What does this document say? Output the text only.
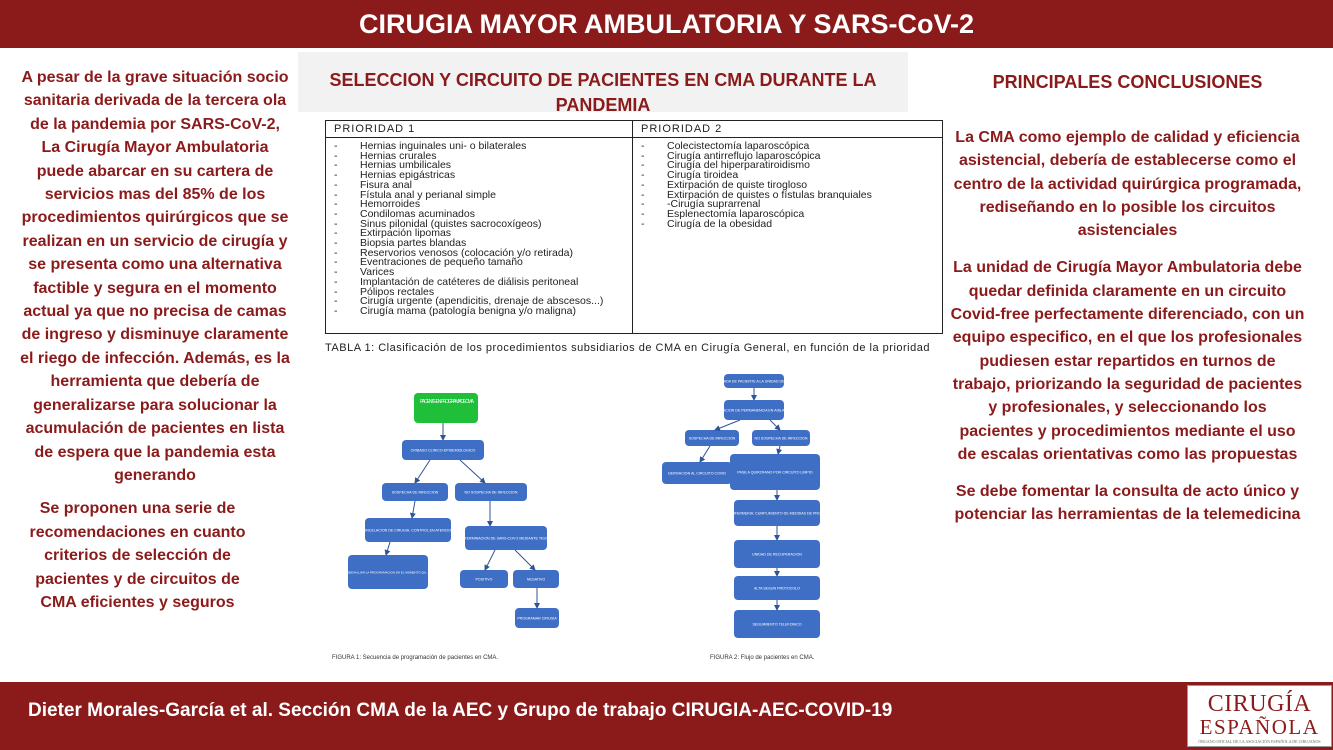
CIRUGIA MAYOR AMBULATORIA Y SARS-CoV-2

A pesar de la grave situación socio sanitaria derivada de la tercera ola de la pandemia por SARS-CoV-2, La Cirugía Mayor Ambulatoria puede abarcar en su cartera de servicios mas del 85% de los procedimientos quirúrgicos que se realizan en un servicio de cirugía y se presenta como una alternativa factible y segura en el momento actual ya que no precisa de camas de ingreso y disminuye claramente el riego de infección. Además, es la herramienta que debería de generalizarse para solucionar la acumulación de pacientes en lista de espera que la pandemia esta generando

Se proponen una serie de recomendaciones en cuanto criterios de selección de pacientes y de circuitos de CMA eficientes y seguros

SELECCION Y CIRCUITO DE PACIENTES EN CMA DURANTE LA PANDEMIA
PRIORIDAD 1
- Hernias inguinales uni- o bilaterales
- Hernias crurales
- Hernias umbilicales
- Hernias epigástricas
- Fisura anal
- Fístula anal y perianal simple
- Hemorroides
- Condilomas acuminados
- Sinus pilonidal (quistes sacrocoxígeos)
- Extirpación lipomas
- Biopsia partes blandas
- Reservorios venosos (colocación y/o retirada)
- Eventraciones de pequeño tamaño
- Varices
- Implantación de catéteres de diálisis peritoneal
- Pólipos rectales
- Cirugía urgente (apendicitis, drenaje de abscesos...)
- Cirugía mama (patología benigna y/o maligna)
PRIORIDAD 2
- Colecistectomía laparoscópica
- Cirugía antirreflujo laparoscópica
- Cirugía del hiperparatiroidismo
- Cirugía tiroidea
- Extirpación de quiste tirogloso
- Extirpación de quistes o fístulas branquiales
- -Cirugía suprarrenal
- Esplenectomía laparoscópica
- Cirugía de la obesidad
TABLA 1: Clasificación de los procedimientos subsidiarios de CMA en Cirugía General, en función de la prioridad
PACIENTE EN PROGRAMA DE CMA
CRIBADO CLINICO-EPIDEMIOLOGICO
SOSPECHA DE INFECCION	NO SOSPECHA DE INFECCION
CANCELACION DE CIRUGIA. CONTROL EN ATENCIO…
DETERMINACION DE SARS-COV-2 MEDIANTE TEST …
REEVALUAR LA PROGRAMACION EN EL MOMENTO QU…
POSITIVO	NEGATIVO
PROGRAMAR CIRUGIA
LLEGADA DE PACIENTE A LA UNIDAD DE CMA
CONFIRMACION DE PERMANENCIA EN AISLAMIENTO…
SOSPECHA DE INFECCION	NO SOSPECHA DE INFECCION
DERIVACION AL CIRCUITO COVID	PASE A QUIROFANO POR CIRCUITO LIMPIO
ENFERMERIA: CUMPLIMIENTO DE MEDIDAS DE PRO…
UNIDAD DE RECUPERACION
ALTA SEGUN PROTOCOLO
SEGUIMIENTO TELEFONICO
FIGURA 1: Secuencia de programación de pacientes en CMA.	FIGURA 2: Flujo de pacientes en CMA.
PRINCIPALES CONCLUSIONES

La CMA como ejemplo de calidad y eficiencia asistencial, debería de establecerse como el centro de la actividad quirúrgica programada, rediseñando en lo posible los circuitos asistenciales

La unidad de Cirugía Mayor Ambulatoria debe quedar definida claramente en un circuito Covid-free perfectamente diferenciado, con un equipo especifico, en el que los profesionales pudiesen estar repartidos en turnos de trabajo, priorizando la seguridad de pacientes y profesionales, y seleccionando los pacientes y procedimientos mediante el uso de escalas orientativas como las propuestas

Se debe fomentar la consulta de acto único y potenciar las herramientas de la telemedicina

Dieter Morales-García et al. Sección CMA de la AEC y Grupo de trabajo CIRUGIA-AEC-COVID-19	CIRUGÍA
ESPAÑOLA
ÓRGANO OFICIAL DE LA ASOCIACIÓN ESPAÑOLA DE CIRUJANOS
